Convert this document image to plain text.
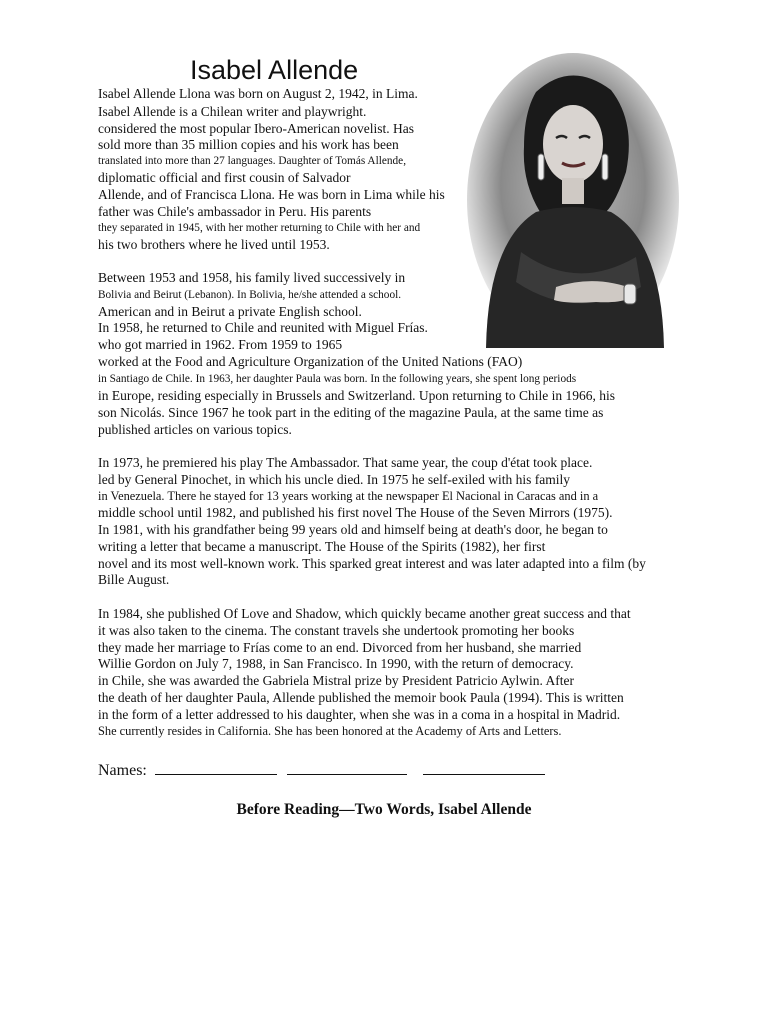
Isabel Allende
Isabel Allende Llona was born on August 2, 1942, in Lima.
Isabel Allende is a Chilean writer and playwright.
considered the most popular Ibero-American novelist. Has
sold more than 35 million copies and his work has been
translated into more than 27 languages. Daughter of Tomás Allende,
diplomatic official and first cousin of Salvador
Allende, and of Francisca Llona. He was born in Lima while his
father was Chile's ambassador in Peru. His parents
they separated in 1945, with her mother returning to Chile with her and
his two brothers where he lived until 1953.
Between 1953 and 1958, his family lived successively in
Bolivia and Beirut (Lebanon). In Bolivia, he/she attended a school.
American and in Beirut a private English school.
In 1958, he returned to Chile and reunited with Miguel Frías.
who got married in 1962. From 1959 to 1965
worked at the Food and Agriculture Organization of the United Nations (FAO)
in Santiago de Chile. In 1963, her daughter Paula was born. In the following years, she spent long periods
in Europe, residing especially in Brussels and Switzerland. Upon returning to Chile in 1966, his
son Nicolás. Since 1967 he took part in the editing of the magazine Paula, at the same time as
published articles on various topics.
In 1973, he premiered his play The Ambassador. That same year, the coup d'état took place.
led by General Pinochet, in which his uncle died. In 1975 he self-exiled with his family
in Venezuela. There he stayed for 13 years working at the newspaper El Nacional in Caracas and in a
middle school until 1982, and published his first novel The House of the Seven Mirrors (1975).
In 1981, with his grandfather being 99 years old and himself being at death's door, he began to
writing a letter that became a manuscript. The House of the Spirits (1982), her first
novel and its most well-known work. This sparked great interest and was later adapted into a film (by
Bille August.
In 1984, she published Of Love and Shadow, which quickly became another great success and that
it was also taken to the cinema. The constant travels she undertook promoting her books
they made her marriage to Frías come to an end. Divorced from her husband, she married
Willie Gordon on July 7, 1988, in San Francisco. In 1990, with the return of democracy.
in Chile, she was awarded the Gabriela Mistral prize by President Patricio Aylwin. After
the death of her daughter Paula, Allende published the memoir book Paula (1994). This is written
in the form of a letter addressed to his daughter, when she was in a coma in a hospital in Madrid.
She currently resides in California. She has been honored at the Academy of Arts and Letters.
Names:
Before Reading—Two Words, Isabel Allende
